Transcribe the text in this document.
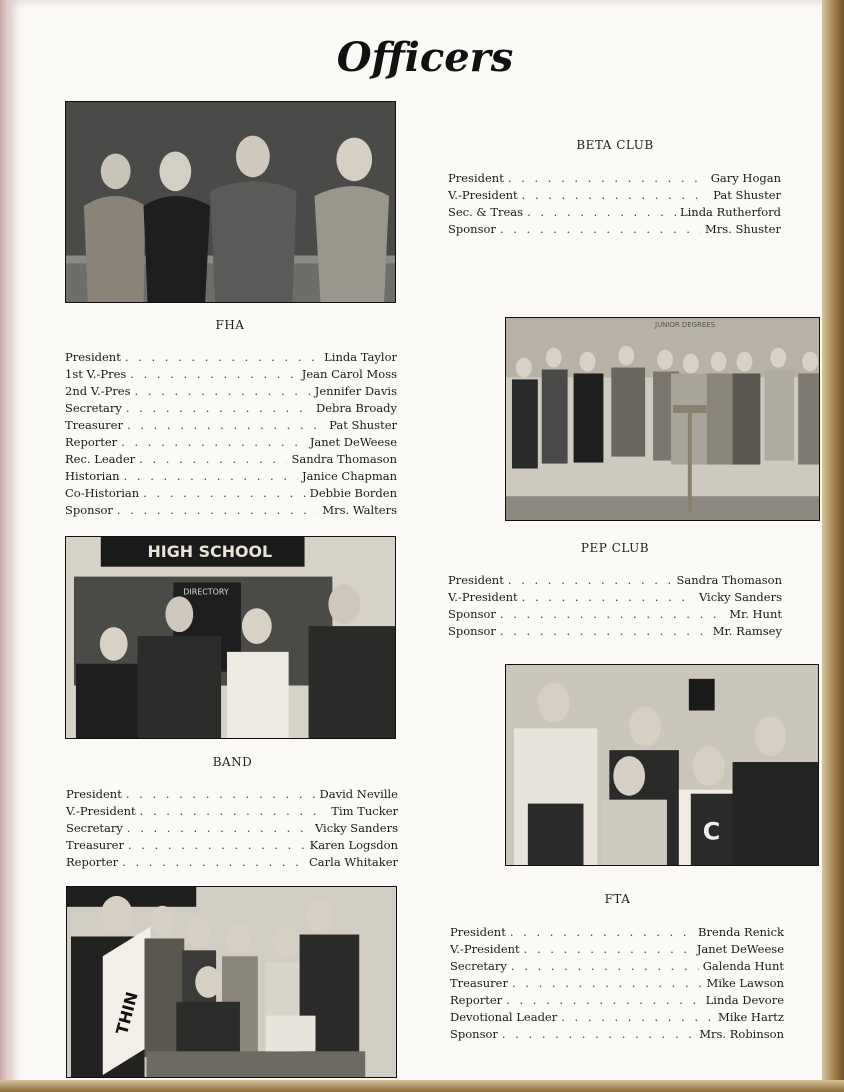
Officers
BETA CLUB
President . . .	Gary Hogan
V.-President . . .	Pat Shuster
Sec. & Treas . . .	Linda Rutherford
Sponsor . . .	Mrs. Shuster
FHA
President . . .	Linda Taylor
1st V.-Pres . . .	Jean Carol Moss
2nd V.-Pres . . .	Jennifer Davis
Secretary . . .	Debra Broady
Treasurer . . .	Pat Shuster
Reporter . . .	Janet DeWeese
Rec. Leader . . .	Sandra Thomason
Historian . . .	Janice Chapman
Co-Historian . . .	Debbie Borden
Sponsor . . .	Mrs. Walters
JUNIOR DEGREES
PEP CLUB
President . . .	Sandra Thomason
V.-President . . .	Vicky Sanders
Sponsor . . .	Mr. Hunt
Sponsor . . .	Mr. Ramsey
HIGH SCHOOL
DIRECTORY
BAND
President . . .	David Neville
V.-President . . .	Tim Tucker
Secretary . . .	Vicky Sanders
Treasurer . . .	Karen Logsdon
Reporter . . .	Carla Whitaker
C
FTA
President . . .	Brenda Renick
V.-President . . .	Janet DeWeese
Secretary . . .	Galenda Hunt
Treasurer . . .	Mike Lawson
Reporter . . .	Linda Devore
Devotional Leader . . .	Mike Hartz
Sponsor . . .	Mrs. Robinson
THIN
